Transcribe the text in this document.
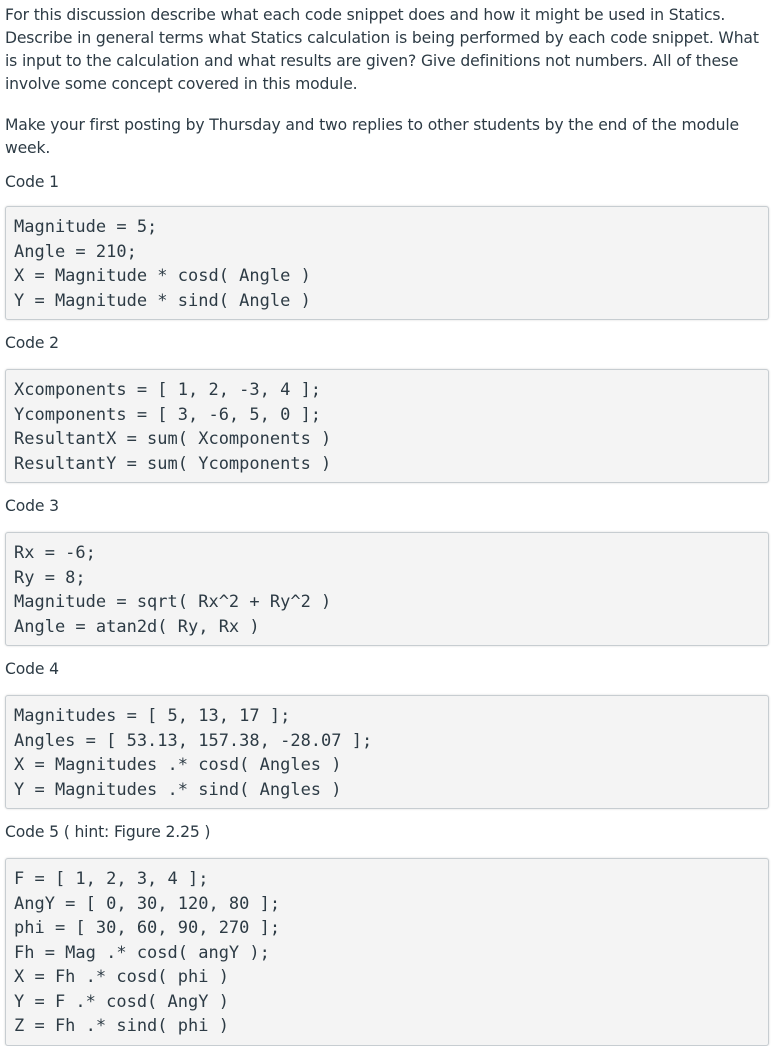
For this discussion describe what each code snippet does and how it might be used in Statics. Describe in general terms what Statics calculation is being performed by each code snippet. What is input to the calculation and what results are given? Give definitions not numbers. All of these involve some concept covered in this module.

Make your first posting by Thursday and two replies to other students by the end of the module week.

Code 1

Magnitude = 5;
Angle = 210;
X = Magnitude * cosd( Angle )
Y = Magnitude * sind( Angle )

Code 2

Xcomponents = [ 1, 2, -3, 4 ];
Ycomponents = [ 3, -6, 5, 0 ];
ResultantX = sum( Xcomponents )
ResultantY = sum( Ycomponents )

Code 3

Rx = -6;
Ry = 8;
Magnitude = sqrt( Rx^2 + Ry^2 )
Angle = atan2d( Ry, Rx )

Code 4

Magnitudes = [ 5, 13, 17 ];
Angles = [ 53.13, 157.38, -28.07 ];
X = Magnitudes .* cosd( Angles )
Y = Magnitudes .* sind( Angles )

Code 5 ( hint: Figure 2.25 )

F = [ 1, 2, 3, 4 ];
AngY = [ 0, 30, 120, 80 ];
phi = [ 30, 60, 90, 270 ];
Fh = Mag .* cosd( angY );
X = Fh .* cosd( phi )
Y = F .* cosd( AngY )
Z = Fh .* sind( phi )
